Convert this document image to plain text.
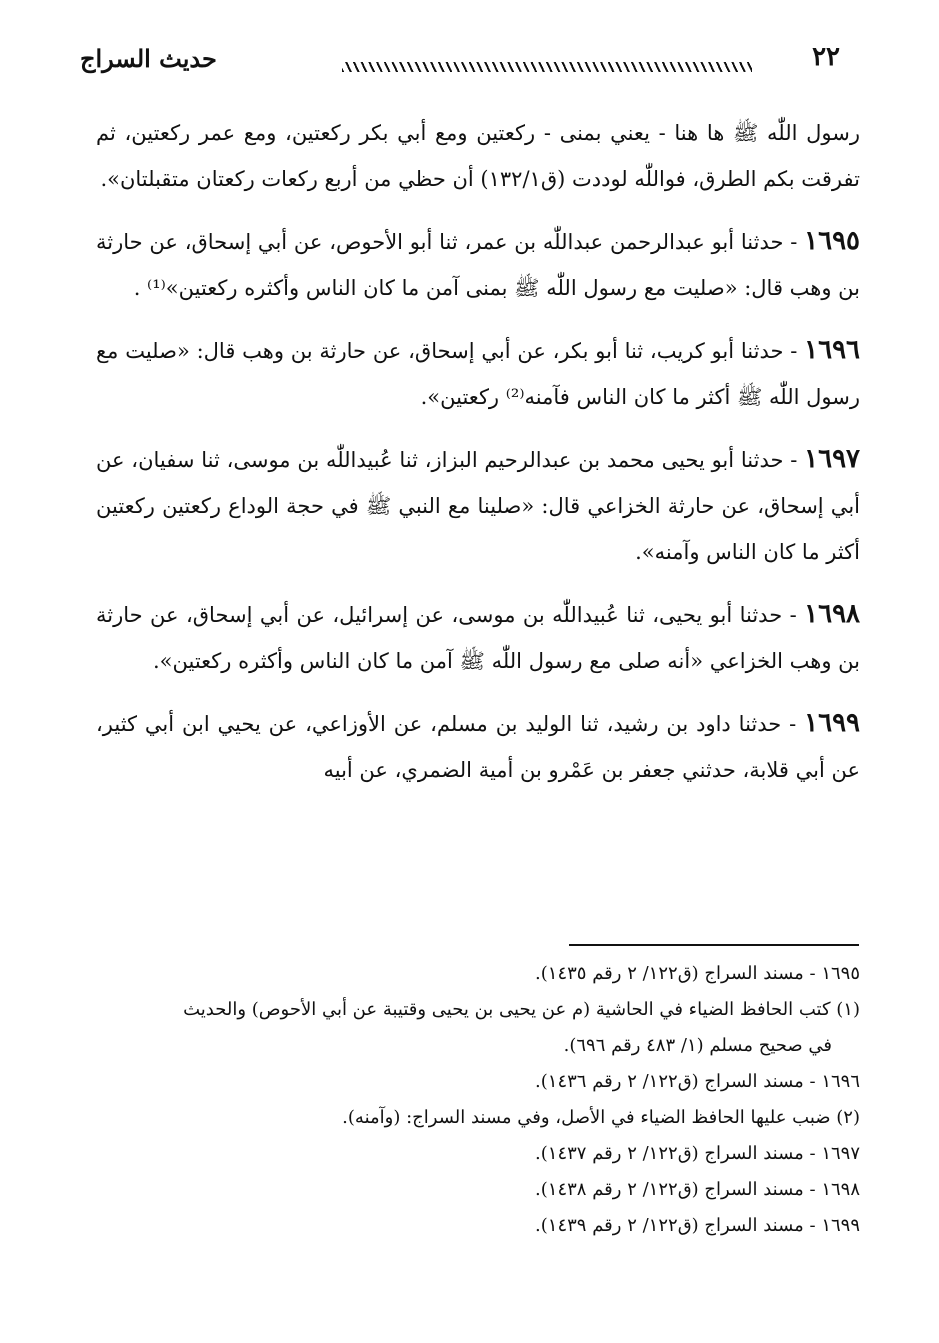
٢٢
حديث السراج

رسول اللّٰه ﷺ ها هنا - يعني بمنى - ركعتين ومع أبي بكر ركعتين، ومع عمر ركعتين، ثم تفرقت بكم الطرق، فواللّٰه لوددت (ق١٣٢/١) أن حظي من أربع ركعات ركعتان متقبلتان».

١٦٩٥ - حدثنا أبو عبدالرحمن عبداللّٰه بن عمر، ثنا أبو الأحوص، عن أبي إسحاق، عن حارثة بن وهب قال: «صليت مع رسول اللّٰه ﷺ بمنى آمن ما كان الناس وأكثره ركعتين»⁽¹⁾ .

١٦٩٦ - حدثنا أبو كريب، ثنا أبو بكر، عن أبي إسحاق، عن حارثة بن وهب قال: «صليت مع رسول اللّٰه ﷺ أكثر ما كان الناس فآمنه⁽²⁾ ركعتين».

١٦٩٧ - حدثنا أبو يحيى محمد بن عبدالرحيم البزاز، ثنا عُبيداللّٰه بن موسى، ثنا سفيان، عن أبي إسحاق، عن حارثة الخزاعي قال: «صلينا مع النبي ﷺ في حجة الوداع ركعتين ركعتين أكثر ما كان الناس وآمنه».

١٦٩٨ - حدثنا أبو يحيى، ثنا عُبيداللّٰه بن موسى، عن إسرائيل، عن أبي إسحاق، عن حارثة بن وهب الخزاعي «أنه صلى مع رسول اللّٰه ﷺ آمن ما كان الناس وأكثره ركعتين».

١٦٩٩ - حدثنا داود بن رشيد، ثنا الوليد بن مسلم، عن الأوزاعي، عن يحيي ابن أبي كثير، عن أبي قلابة، حدثني جعفر بن عَمْرو بن أمية الضمري، عن أبيه

١٦٩٥ - مسند السراج (ق١٢٢/ ٢ رقم ١٤٣٥).

(١) كتب الحافظ الضياء في الحاشية (م عن يحيى بن يحيى وقتيبة عن أبي الأحوص) والحديث

في صحيح مسلم (١/ ٤٨٣ رقم ٦٩٦).

١٦٩٦ - مسند السراج (ق١٢٢/ ٢ رقم ١٤٣٦).

(٢) ضبب عليها الحافظ الضياء في الأصل، وفي مسند السراج: (وآمنه).

١٦٩٧ - مسند السراج (ق١٢٢/ ٢ رقم ١٤٣٧).

١٦٩٨ - مسند السراج (ق١٢٢/ ٢ رقم ١٤٣٨).

١٦٩٩ - مسند السراج (ق١٢٢/ ٢ رقم ١٤٣٩).
